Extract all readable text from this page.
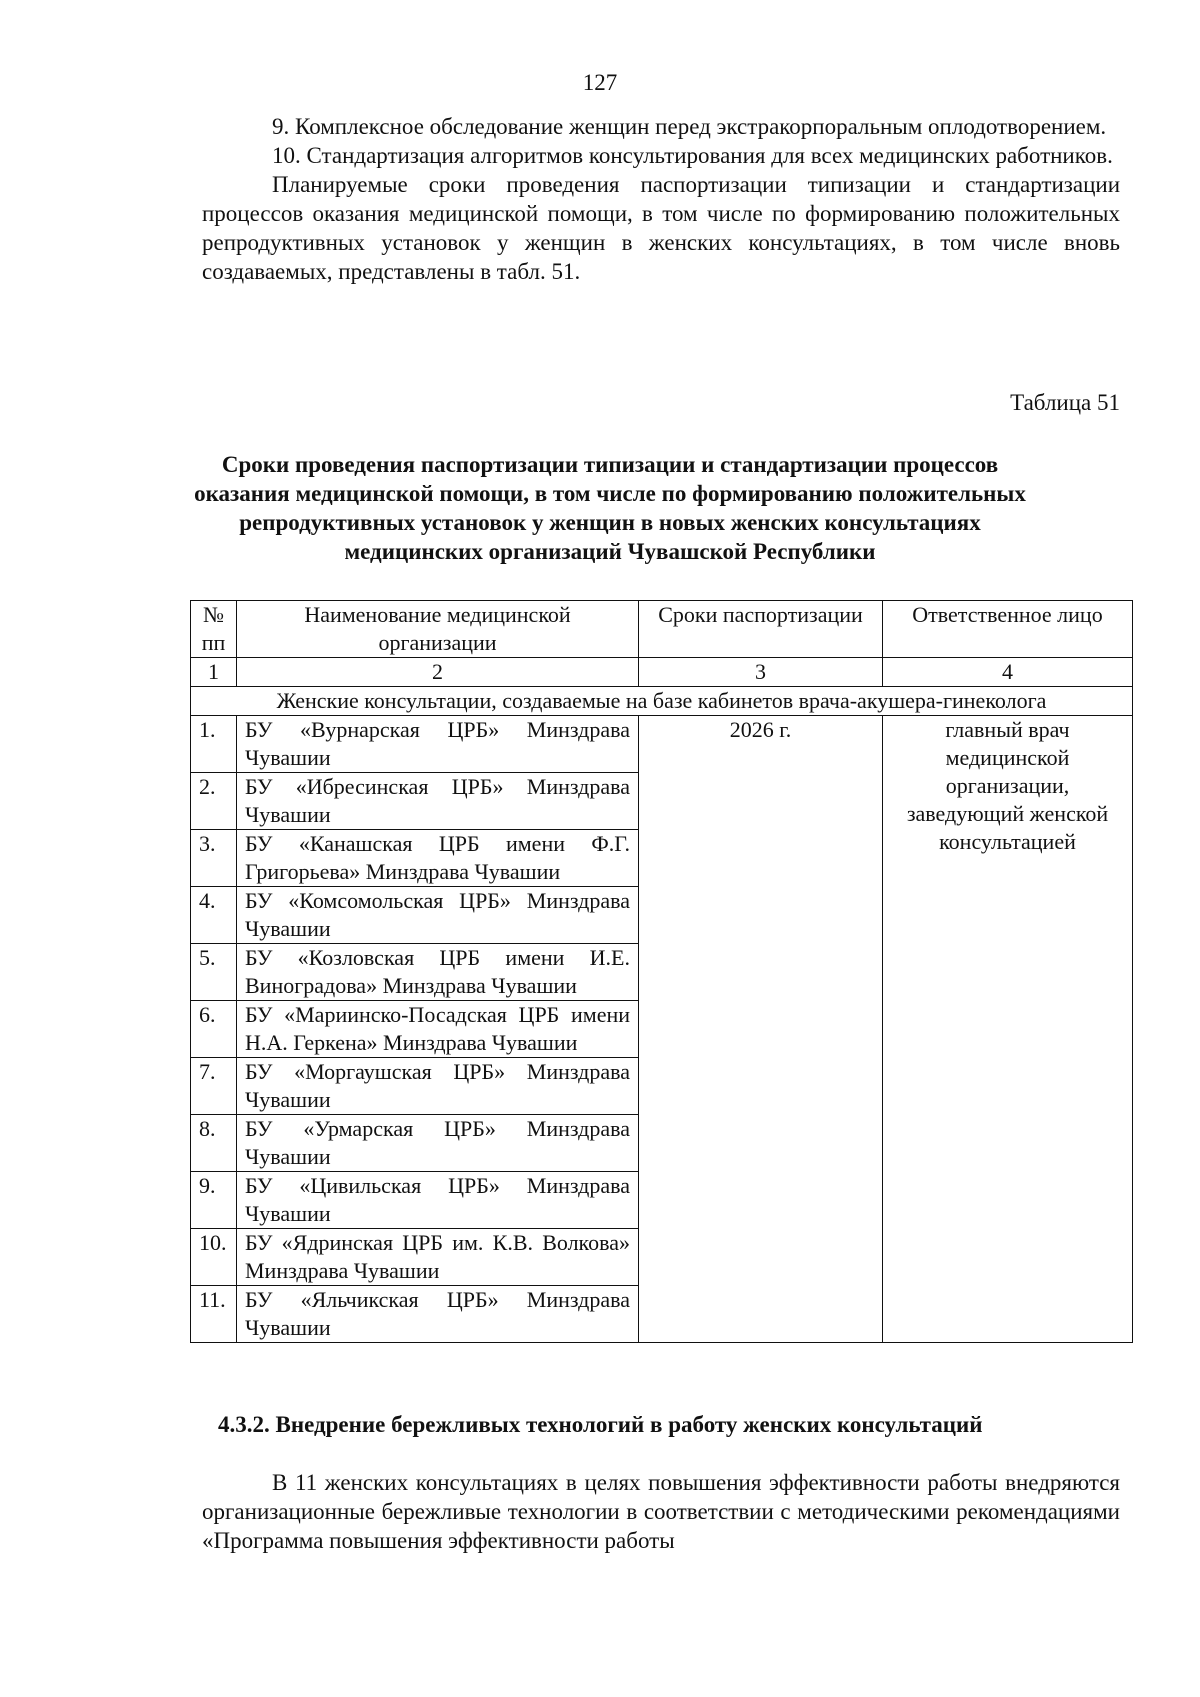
127

9. Комплексное обследование женщин перед экстракорпоральным оплодотворением.

10. Стандартизация алгоритмов консультирования для всех медицинских работников.

Планируемые сроки проведения паспортизации типизации и стандартизации процессов оказания медицинской помощи, в том числе по формированию положительных репродуктивных установок у женщин в женских консультациях, в том числе вновь создаваемых, представлены в табл. 51.

Таблица 51
Сроки проведения паспортизации типизации и стандартизации процессов оказания медицинской помощи, в том числе по формированию положительных репродуктивных установок у женщин в новых женских консультациях медицинских организаций Чувашской Республики
№ пп	Наименование медицинской организации	Сроки паспортизации	Ответственное лицо
1	2	3	4
Женские консультации, создаваемые на базе кабинетов врача-акушера-гинеколога			
1.	БУ «Вурнарская ЦРБ» Минздрава Чувашии	2026 г.	главный врач медицинской организации, заведующий женской консультацией
2.	БУ «Ибресинская ЦРБ» Минздрава Чувашии		
3.	БУ «Канашская ЦРБ имени Ф.Г. Григорьева» Минздрава Чувашии		
4.	БУ «Комсомольская ЦРБ» Минздрава Чувашии		
5.	БУ «Козловская ЦРБ имени И.Е. Виноградова» Минздрава Чувашии		
6.	БУ «Мариинско-Посадская ЦРБ имени Н.А. Геркена» Минздрава Чувашии		
7.	БУ «Моргаушская ЦРБ» Минздрава Чувашии		
8.	БУ «Урмарская ЦРБ» Минздрава Чувашии		
9.	БУ «Цивильская ЦРБ» Минздрава Чувашии		
10.	БУ «Ядринская ЦРБ им. К.В. Волкова» Минздрава Чувашии		
11.	БУ «Яльчикская ЦРБ» Минздрава Чувашии		
4.3.2. Внедрение бережливых технологий в работу женских консультаций

В 11 женских консультациях в целях повышения эффективности работы внедряются организационные бережливые технологии в соответствии с методическими рекомендациями «Программа повышения эффективности работы
